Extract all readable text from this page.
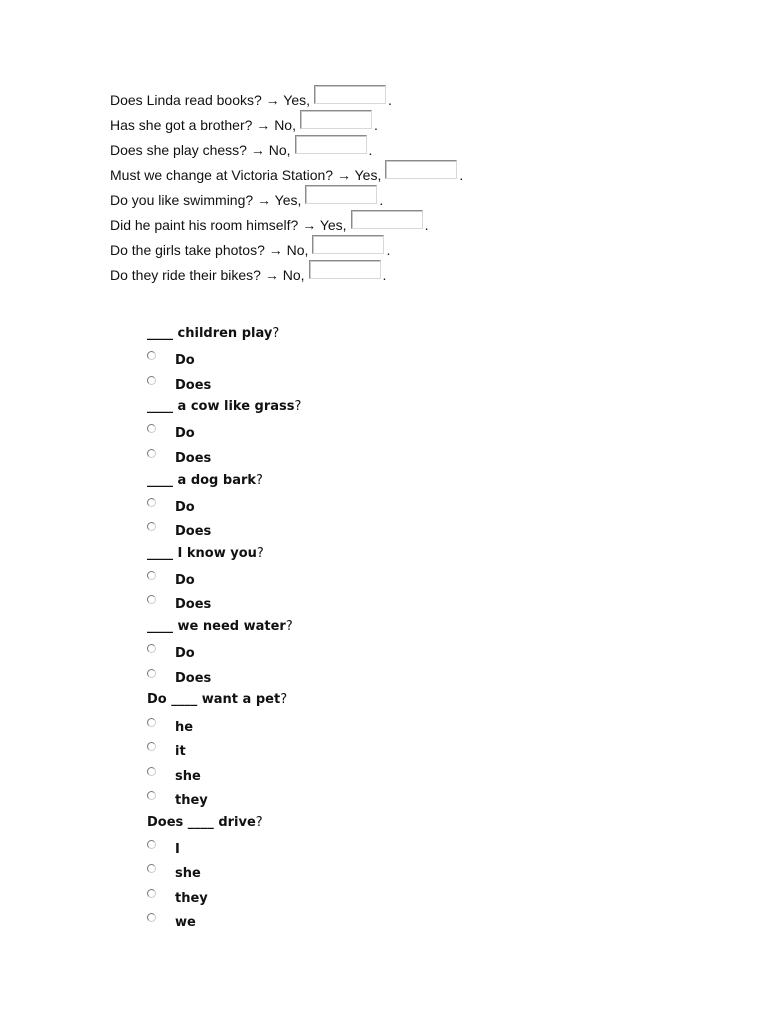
Does Linda read books? → Yes,	.
Has she got a brother? → No,	.
Does she play chess? → No,	.
Must we change at Victoria Station? → Yes,	.
Do you like swimming? → Yes,	.
Did he paint his room himself? → Yes,	.
Do the girls take photos? → No,	.
Do they ride their bikes? → No,	.
____ children play?
Do
Does
____ a cow like grass?
Do
Does
____ a dog bark?
Do
Does
____ I know you?
Do
Does
____ we need water?
Do
Does
Do ____ want a pet?
he
it
she
they
Does ____ drive?
I
she
they
we
